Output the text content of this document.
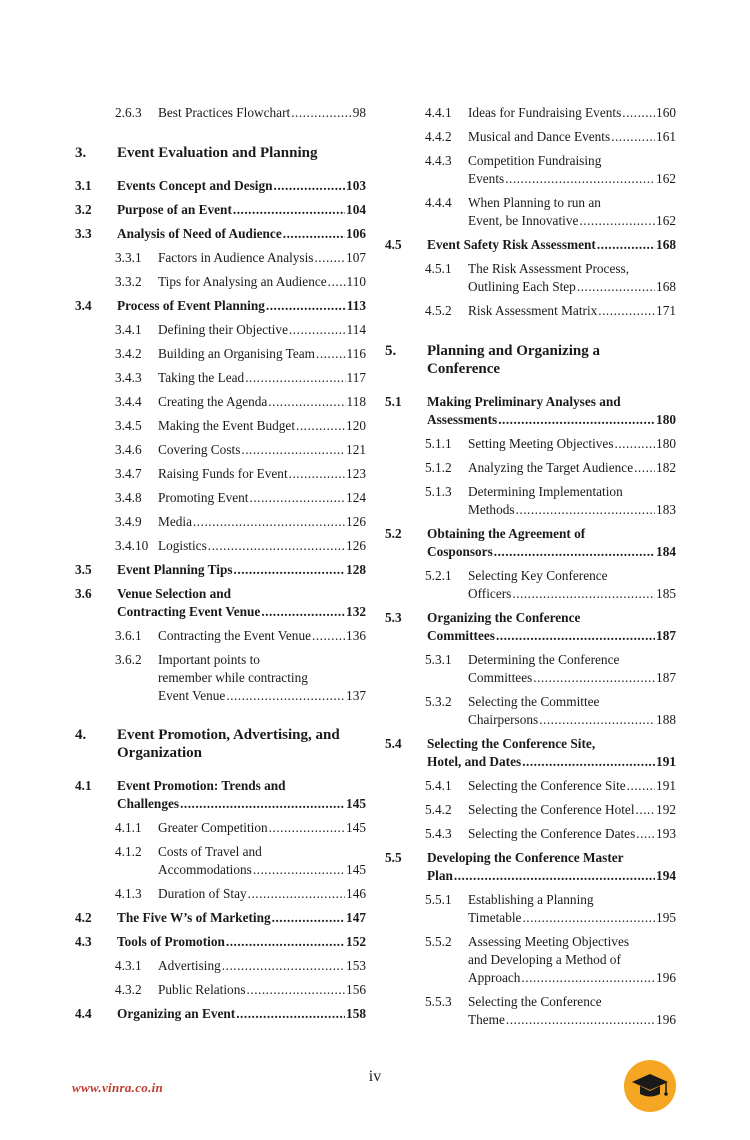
2.6.3 Best Practices Flowchart .....	98
3. Event Evaluation and Planning
3.1 Events Concept and Design .....	103
3.2 Purpose of an Event .....	104
3.3 Analysis of Need of Audience .....	106
3.3.1 Factors in Audience Analysis ..... 107
3.3.2 Tips for Analysing an Audience ..... 110
3.4 Process of Event Planning .....	113
3.4.1 Defining their Objective .....	114
3.4.2 Building an Organising Team ..... 116
3.4.3 Taking the Lead .....	117
3.4.4 Creating the Agenda .....	118
3.4.5 Making the Event Budget .....	120
3.4.6 Covering Costs .....	121
3.4.7 Raising Funds for Event .....	123
3.4.8 Promoting Event .....	124
3.4.9 Media .....	126
3.4.10 Logistics .....	126
3.5 Event Planning Tips .....	128
3.6 Venue Selection and
Contracting Event Venue .....	132
3.6.1 Contracting the Event Venue .....	136
3.6.2 Important points to
remember while contracting
Event Venue .....	137
4. Event Promotion, Advertising, and
Organization
4.1 Event Promotion: Trends and
Challenges .....	145
4.1.1 Greater Competition .....	145
4.1.2 Costs of Travel and
Accommodations .....	145
4.1.3 Duration of Stay .....	146
4.2 The Five W’s of Marketing .....	147
4.3 Tools of Promotion .....	152
4.3.1 Advertising .....	153
4.3.2 Public Relations .....	156
4.4 Organizing an Event .....	158
4.4.1 Ideas for Fundraising Events .....	160
4.4.2 Musical and Dance Events .....	161
4.4.3 Competition Fundraising
Events .....	162
4.4.4 When Planning to run an
Event, be Innovative .....	162
4.5 Event Safety Risk Assessment .....	168
4.5.1 The Risk Assessment Process,
Outlining Each Step .....	168
4.5.2 Risk Assessment Matrix .....	171
5. Planning and Organizing a
Conference
5.1 Making Preliminary Analyses and
Assessments .....	180
5.1.1 Setting Meeting Objectives .....	180
5.1.2 Analyzing the Target Audience ..... 182
5.1.3 Determining Implementation
Methods .....	183
5.2 Obtaining the Agreement of
Cosponsors .....	184
5.2.1 Selecting Key Conference
Officers .....	185
5.3 Organizing the Conference
Committees .....	187
5.3.1 Determining the Conference
Committees .....	187
5.3.2 Selecting the Committee
Chairpersons .....	188
5.4 Selecting the Conference Site,
Hotel, and Dates .....	191
5.4.1 Selecting the Conference Site ..... 191
5.4.2 Selecting the Conference Hotel ..... 192
5.4.3 Selecting the Conference Dates ..... 193
5.5 Developing the Conference Master
Plan .....	194
5.5.1 Establishing a Planning
Timetable .....	195
5.5.2 Assessing Meeting Objectives
and Developing a Method of
Approach .....	196
5.5.3 Selecting the Conference
Theme .....	196
iv
www.vinra.co.in
